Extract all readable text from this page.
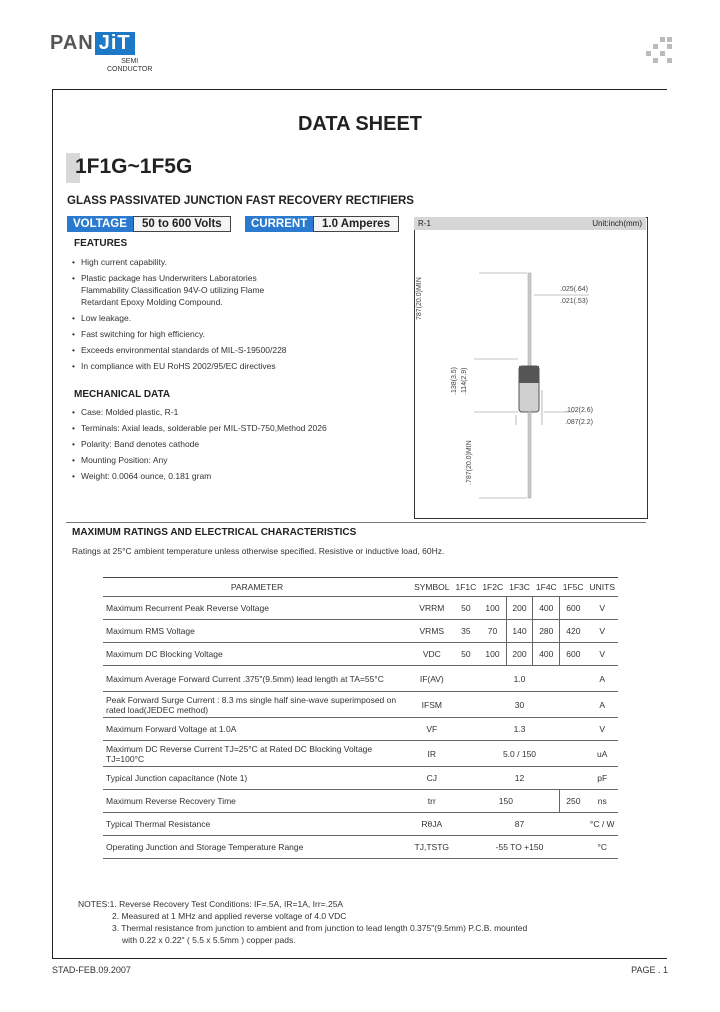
PAN JiT
SEMI
CONDUCTOR
DATA SHEET
1F1G~1F5G
GLASS PASSIVATED JUNCTION FAST RECOVERY RECTIFIERS
VOLTAGE	50 to 600 Volts	CURRENT	1.0 Amperes	R-1	Unit:inch(mm)
.025(.64)
.021(.53)
.102(2.6)
.087(2.2)
787(20.0)MIN
.138(3.5) .114(2.9)
.787(20.0)MIN
FEATURES
• High current capability.
• Plastic package has Underwriters Laboratories Flammability Classification 94V-O utilizing Flame Retardant Epoxy Molding Compound.
• Low leakage.
• Fast switching for high efficiency.
• Exceeds environmental standards of MIL-S-19500/228
• In compliance with EU RoHS 2002/95/EC directives
MECHANICAL DATA
• Case: Molded plastic, R-1
• Terminals: Axial leads, solderable per MIL-STD-750,Method 2026
• Polarity: Band denotes cathode
• Mounting Position: Any
• Weight: 0.0064 ounce, 0.181 gram
MAXIMUM RATINGS AND ELECTRICAL CHARACTERISTICS
Ratings at 25°C ambient temperature unless otherwise specified. Resistive or inductive load, 60Hz.
PARAMETER	SYMBOL	1F1C	1F2C	1F3C	1F4C	1F5C	UNITS
Maximum Recurrent Peak Reverse Voltage	VRRM	50	100	200	400	600	V
Maximum RMS Voltage	VRMS	35	70	140	280	420	V
Maximum DC Blocking Voltage	VDC	50	100	200	400	600	V
Maximum Average Forward Current .375"(9.5mm) lead length at TA=55°C	IF(AV)	1.0					A
Peak Forward Surge Current : 8.3 ms single half sine-wave superimposed on rated load(JEDEC method)	IFSM	30					A
Maximum Forward Voltage at 1.0A	VF	1.3					V
Maximum DC Reverse Current TJ=25°C at Rated DC Blocking Voltage TJ=100°C	IR	5.0 / 150					uA
Typical Junction capacitance (Note 1)	CJ	12					pF
Maximum Reverse Recovery Time	trr	150				250	ns
Typical Thermal Resistance	RθJA	87					°C / W
Operating Junction and Storage Temperature Range	TJ,TSTG	-55 TO +150					°C
NOTES:1. Reverse Recovery Test Conditions: IF=.5A, IR=1A, Irr=.25A
2. Measured at 1 MHz and applied reverse voltage of 4.0 VDC
3. Thermal resistance from junction to ambient and from junction to lead length 0.375"(9.5mm) P.C.B. mounted
with 0.22 x 0.22" ( 5.5 x 5.5mm ) copper pads.
STAD-FEB.09.2007	PAGE . 1
